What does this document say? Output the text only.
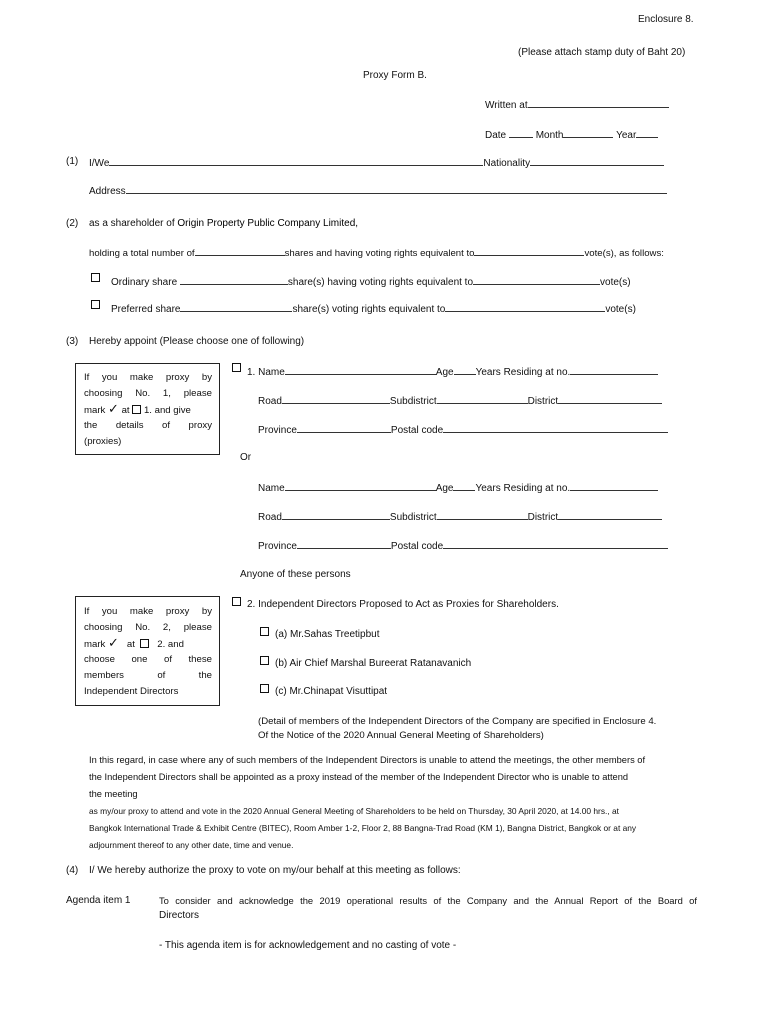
Enclosure 8.
(Please attach stamp duty of Baht 20)
Proxy Form B.
Written at
Date	Month	Year
(1) I/We	Nationality
Address
(2) as a shareholder of Origin Property Public Company Limited,
holding a total number of	shares and having voting rights equivalent to	vote(s), as follows:
Ordinary share	share(s) having voting rights equivalent to	vote(s)
Preferred share	share(s) voting rights equivalent to	vote(s)
(3) Hereby appoint (Please choose one of following)
If you make proxy by
choosing No. 1, please
mark ✓ at 1. and give
the details of proxy
(proxies)
1. Name	Age Years Residing at no.
Road	Subdistrict	District
Province	Postal code
Or
Name	Age Years Residing at no.
Road	Subdistrict	District
Province	Postal code
Anyone of these persons
If you make proxy by
choosing No. 2, please
mark ✓ at 2. and
choose one of these
members of the
Independent Directors
2. Independent Directors Proposed to Act as Proxies for Shareholders.
(a) Mr.Sahas Treetipbut
(b) Air Chief Marshal Bureerat Ratanavanich
(c) Mr.Chinapat Visuttipat
(Detail of members of the Independent Directors of the Company are specified in Enclosure 4.
Of the Notice of the 2020 Annual General Meeting of Shareholders)
In this regard, in case where any of such members of the Independent Directors is unable to attend the meetings, the other members of
the Independent Directors shall be appointed as a proxy instead of the member of the Independent Director who is unable to attend
the meeting
as my/our proxy to attend and vote in the 2020 Annual General Meeting of Shareholders to be held on Thursday, 30 April 2020, at 14.00 hrs., at
Bangkok International Trade & Exhibit Centre (BITEC), Room Amber 1-2, Floor 2, 88 Bangna-Trad Road (KM 1), Bangna District, Bangkok or at any
adjournment thereof to any other date, time and venue.
(4) I/ We hereby authorize the proxy to vote on my/our behalf at this meeting as follows:
Agenda item 1	To consider and acknowledge the 2019 operational results of the Company and the Annual Report of the Board of
Directors
- This agenda item is for acknowledgement and no casting of vote -
